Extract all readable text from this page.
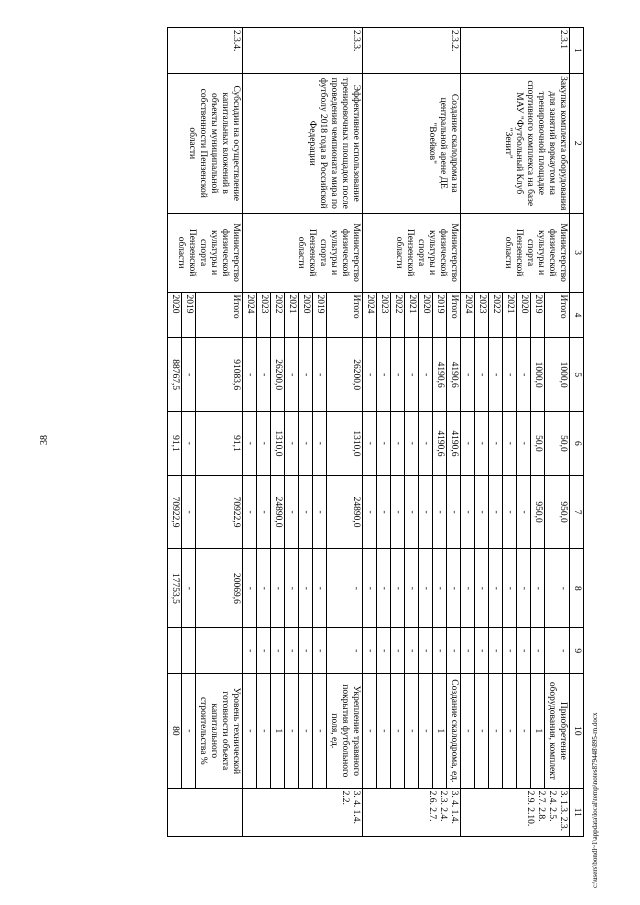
38
1	2	3	4	5	6	7	8	9	10	11
2.3.1	Закупка комплекта оборудования для занятий воркаутом на тренировочной площадке спортивного комплекса на базе МАУ "Футбольный Клуб "Зенит"	Министерство физической культуры и спорта Пензенской области	Итого	1000,0	50,0	950,0	-	-	Приобретение оборудования, комплект	3. 1.3. 2.3. 2.4. 2.5. 2.7. 2.8. 2.9. 2.10.
			2019	1000,0	50,0	950,0	-	-	1	
			2020	-	-	-	-	-	-	
			2021	-	-	-	-	-	-	
			2022	-	-	-	-	-	-	
			2023	-	-	-	-	-	-	
			2024	-	-	-	-	-	-	
2.3.2.	Создание скалодрома на центральной арене ДЕ "Воейков"	Министерство физической культуры и спорта Пензенской области	Итого	4190,6	4190,6	-	-	-	Создание скалодрома, ед.	3. 4. 1.4. 2.3. 2.4. 2.6. 2.7.
			2019	4190,6	4190,6	-	-	-	1	
			2020	-	-	-	-	-	-	
			2021	-	-	-	-	-	-	
			2022	-	-	-	-	-	-	
			2023	-	-	-	-	-	-	
			2024	-	-	-	-	-	-	
2.3.3.	Эффективное использование тренировочных площадок после проведения чемпионата мира по футболу 2018 года в Российской Федерации	Министерство физической культуры и спорта Пензенской области	Итого	26200,0	1310,0	24890,0	-	-	Укрепление травяного покрытия футбольного поля, ед.	3. 4. 1.4. 2.2.
			2019	-	-	-	-	-	-	
			2020	-	-	-	-	-	-	
			2021	-	-	-	-	-	-	
			2022	26200,0	1310,0	24890,0	-	-	1	
			2023	-	-	-	-	-	-	
			2024	-	-	-	-	-	-	
2.3.4.	Субсидии на осуществление капитальных вложений в объекты муниципальной собственности Пензенской области	Министерство физической культуры и спорта Пензенской области	Итого	91083,6	91,1	70922,9	20069,6		Уровень технической готовности объекта капитального строительства %	
			2019	-	-	-	-		-	
			2020	88767,5	91,1	70922,9	17753,5		80		c:\users\bondl~1\appdata\local\temp\notes879448\895-rn.docx
